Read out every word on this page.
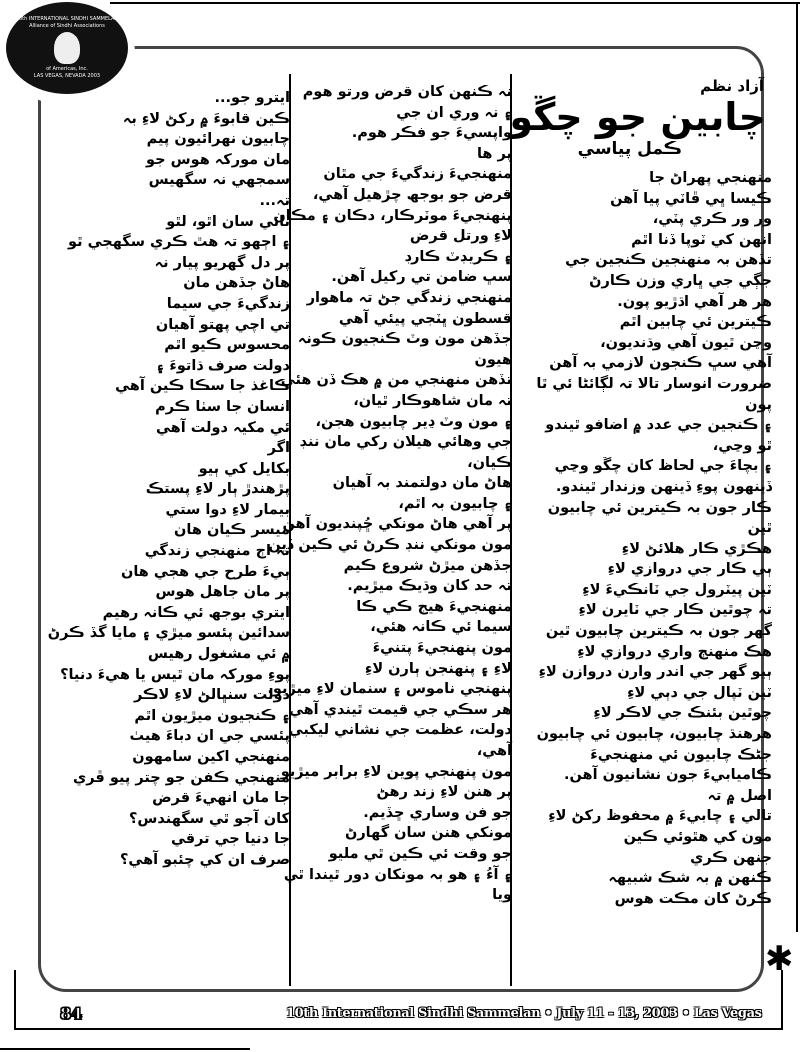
10th INTERNATIONAL SINDHI SAMMELAN
Alliance of Sindhi Associations
of Americas, Inc.
LAS VEGAS, NEVADA 2003
آزاد نظم
چابين جو چڱو
ڪمل پياسي
منهنجي پهراڻ جا
ڪيسا ڀي ڦاٽي پيا آهن
ور ور ڪري پٽي،
انهن کي ٽوپا ڏنا اٿم
تڏهن بہ منهنجين ڪنجين جي
جڳي جي ڀاري وزن ڪارڻ
هر هر آهي اڌڙيو پون.
ڪيترين ئي چابين اٿم
وڃن ٿيون آهي وڌنديون،
آهي سڀ ڪنجون لازمي بہ آهن
ضرورت انوسار تالا تہ لڳائڻا ئي ٿا
پون
۽ ڪنجين جي عدد ۾ اضافو ٿيندو
ٿو وڃي،
۽ بچاءَ جي لحاظ کان چڱو وڃي
ڏينهون پوءِ ڏينهن وزندار ٿيندو.
ڪار جون بہ ڪيترين ئي چابيون
ٿين
هڪڙي ڪار هلائڻ لاءِ
ٻي ڪار جي دروازي لاءِ
ٽين پيٽرول جي ٽانڪيءَ لاءِ
تہ چوٿين ڪار جي ٽايرن لاءِ
گهر جون بہ ڪيترين چابيون ٿين
هڪ منهنڄ واري دروازي لاءِ
ٻيو گهر جي اندر وارن دروازن لاءِ
ٽين ٽپال جي دٻي لاءِ
چوٿين بئنڪ جي لاڪر لاءِ
هرهنڌ چابيون، چابيون ئي چابيون
جڻڪ چابيون ئي منهنجيءَ
ڪاميابيءَ جون نشانيون آهن.
اصل ۾ تہ
تالي ۽ چابيءَ ۾ محفوظ رکڻ لاءِ
مون کي هٿوئي ڪين
جنهن ڪري
ڪنهن ۾ بہ شڪ شبيهہ
ڪرڻ کان مڪت هوس
نہ ڪنهن کان قرض ورتو هوم
۽ نہ وري ان جي
واپسيءَ جو فڪر هوم.
پر ها
منهنجيءَ زندگيءَ جي مٿان
قرض جو بوجھ چڙهيل آهي،
پنهنجيءَ موٽرڪار، دڪان ۽ مڪان
لاءِ ورتل قرض
۽ ڪريڊٽ ڪارڊ
سڀ ضامن تي رکيل آهن.
منهنجي زندگي جڻ تہ ماهوار
قسطون ڀٽجي پيئي آهي
جڏهن مون وٽ ڪنجيون ڪونہ
هيون
تڏهن منهنجي من ۾ هڪ ڏن هئي
تہ مان شاهوڪار ٿيان،
۽ مون وٽ ڍير چابيون هجن،
جي وهائي هيلان رکي مان ننڊ
ڪيان،
هاڻ مان دولتمند بہ آهيان
۽ چابيون بہ اٿم،
پر آهي هاڻ مونکي ڇُپنديون آهن
مون مونکي ننڊ ڪرڻ ئي ڪين ڏين
جڏهن ميڙڻ شروع ڪيم
تہ حد کان وڌيڪ ميڙيم.
منهنجيءَ هيج ڪي ڪا
سيما ئي ڪانہ هئي،
مون پنهنجيءَ پتنيءَ
لاءِ ۽ پنهنجن ٻارن لاءِ
پنهنجي ناموس ۽ سنمان لاءِ ميڙيو.
هر سڪي جي قيمت ٿيندي آهي
دولت، عظمت جي نشاني ليکبي
آهي،
مون پنهنجي پوين لاءِ برابر ميڙيو
پر هنن لاءِ زند رهڻ
جو فن وساري ڇڏيم.
مونکي هنن سان گهارڻ
جو وقت ئي ڪين ٿي مليو
۽ آءُ ۽ هو بہ مونکان دور ٿيندا ٿي
ويا
ايترو جو...
ڪين قابوءَ ۾ رکڻ لاءِ بہ
چابيون نهرائيون پيم
مان مورکہ هوس جو
سمجهي نہ سگهيس
تہ...
ناٽي سان اٿو، لٿو
۽ اڄهو تہ هٿ ڪري سگهجي ٿو
پر دل گهريو پيار نہ
هاڻ جڏهن مان
زندگيءَ جي سيما
تي اچي پهتو آهيان
محسوس ڪيو اٿم
دولت صرف ڌاتوءَ ۽
ڪاغذ جا سڪا ڪين آهي
انسان جا سٺا ڪرم
ئي مکيہ دولت آهي
اگر
بکايل کي ٻيو
پڙهندڙ ٻار لاءِ پستڪ
بيمار لاءِ دوا ستي
ميسر ڪيان هان
تہ اڄ منهنجي زندگي
ٻيءَ طرح جي هجي هان
پر مان جاهل هوس
ايتري بوجھ ئي ڪانہ رهيم
سدائين پئسو ميڙي ۽ مايا گڏ ڪرڻ
۾ ئي مشغول رهيس
پوءِ مورکہ مان ٿيس يا هيءَ دنيا؟
دولت سنڀالڻ لاءِ لاڪر
۽ ڪنجيون ميڙيون اٿم
پئسي جي ان دباءَ هيٺ
منهنجي اکين سامهون
منهنجي ڪفن جو چتر پيو ڦري
جا مان انهيءَ قرض
کان آجو ٿي سگهندس؟
جا دنيا جي ترقي
صرف ان کي چئبو آهي؟
✱
84	10th International Sindhi Sammelan • July 11 - 13, 2003 • Las Vegas
